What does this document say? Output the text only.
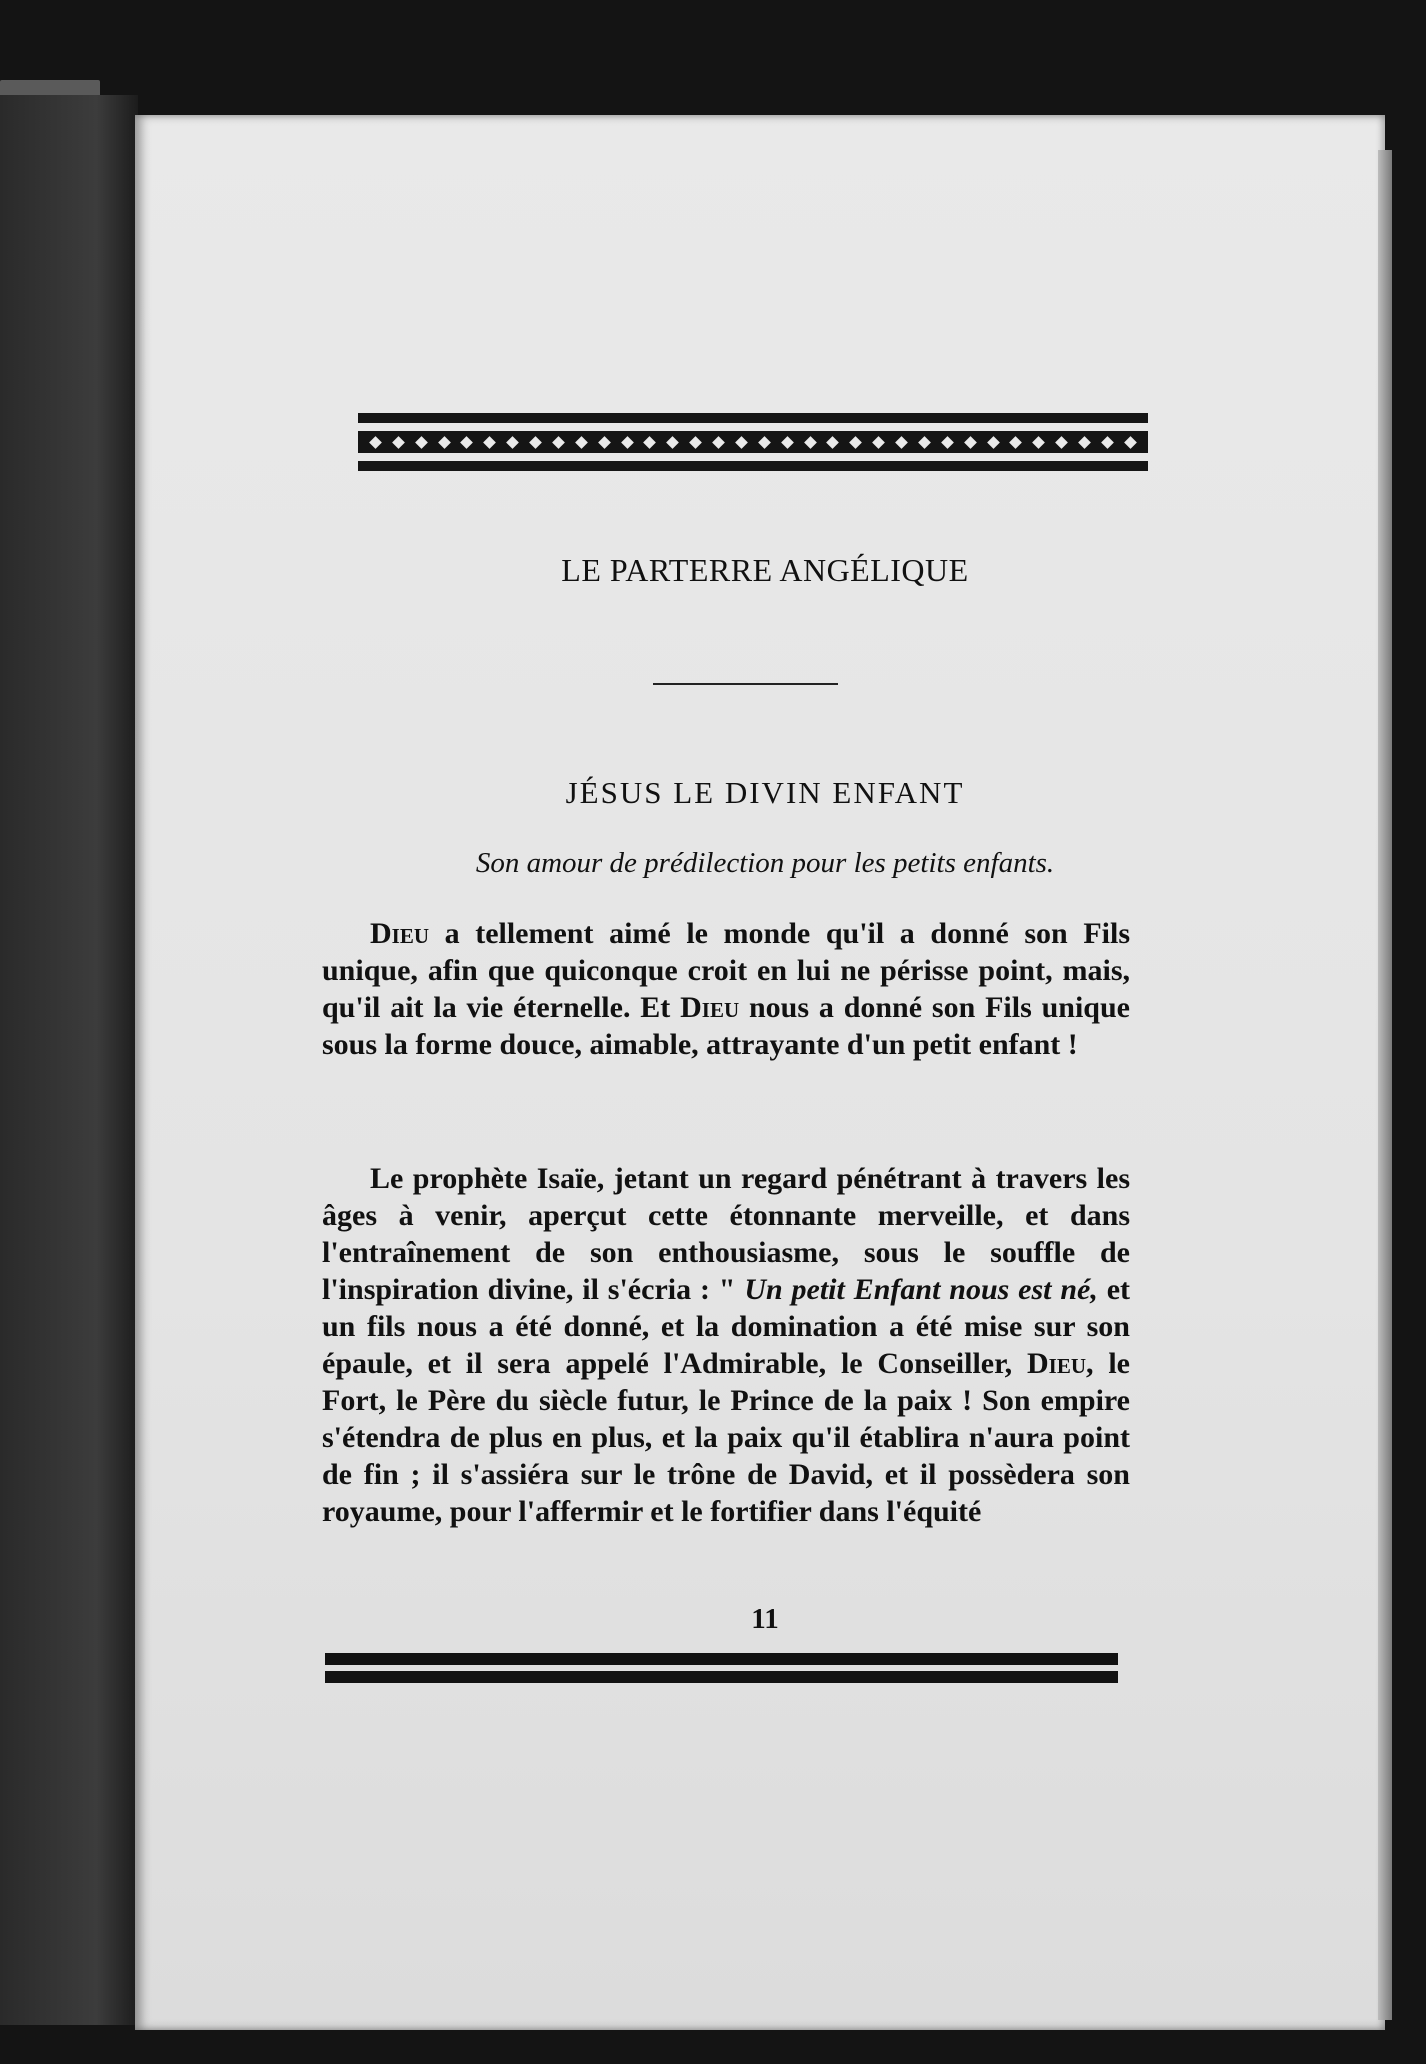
LE PARTERRE ANGÉLIQUE
JÉSUS LE DIVIN ENFANT
Son amour de prédilection pour les petits enfants.

Dieu a tellement aimé le monde qu'il a donné son Fils unique, afin que quiconque croit en lui ne périsse point, mais, qu'il ait la vie éternelle. Et Dieu nous a donné son Fils unique sous la forme douce, aimable, attrayante d'un petit enfant !

Le prophète Isaïe, jetant un regard pénétrant à travers les âges à venir, aperçut cette étonnante merveille, et dans l'entraînement de son enthousiasme, sous le souffle de l'inspiration divine, il s'écria : " Un petit Enfant nous est né, et un fils nous a été donné, et la domination a été mise sur son épaule, et il sera appelé l'Admirable, le Conseiller, Dieu, le Fort, le Père du siècle futur, le Prince de la paix ! Son empire s'étendra de plus en plus, et la paix qu'il établira n'aura point de fin ; il s'assiéra sur le trône de David, et il possèdera son royaume, pour l'affermir et le fortifier dans l'équité

11
